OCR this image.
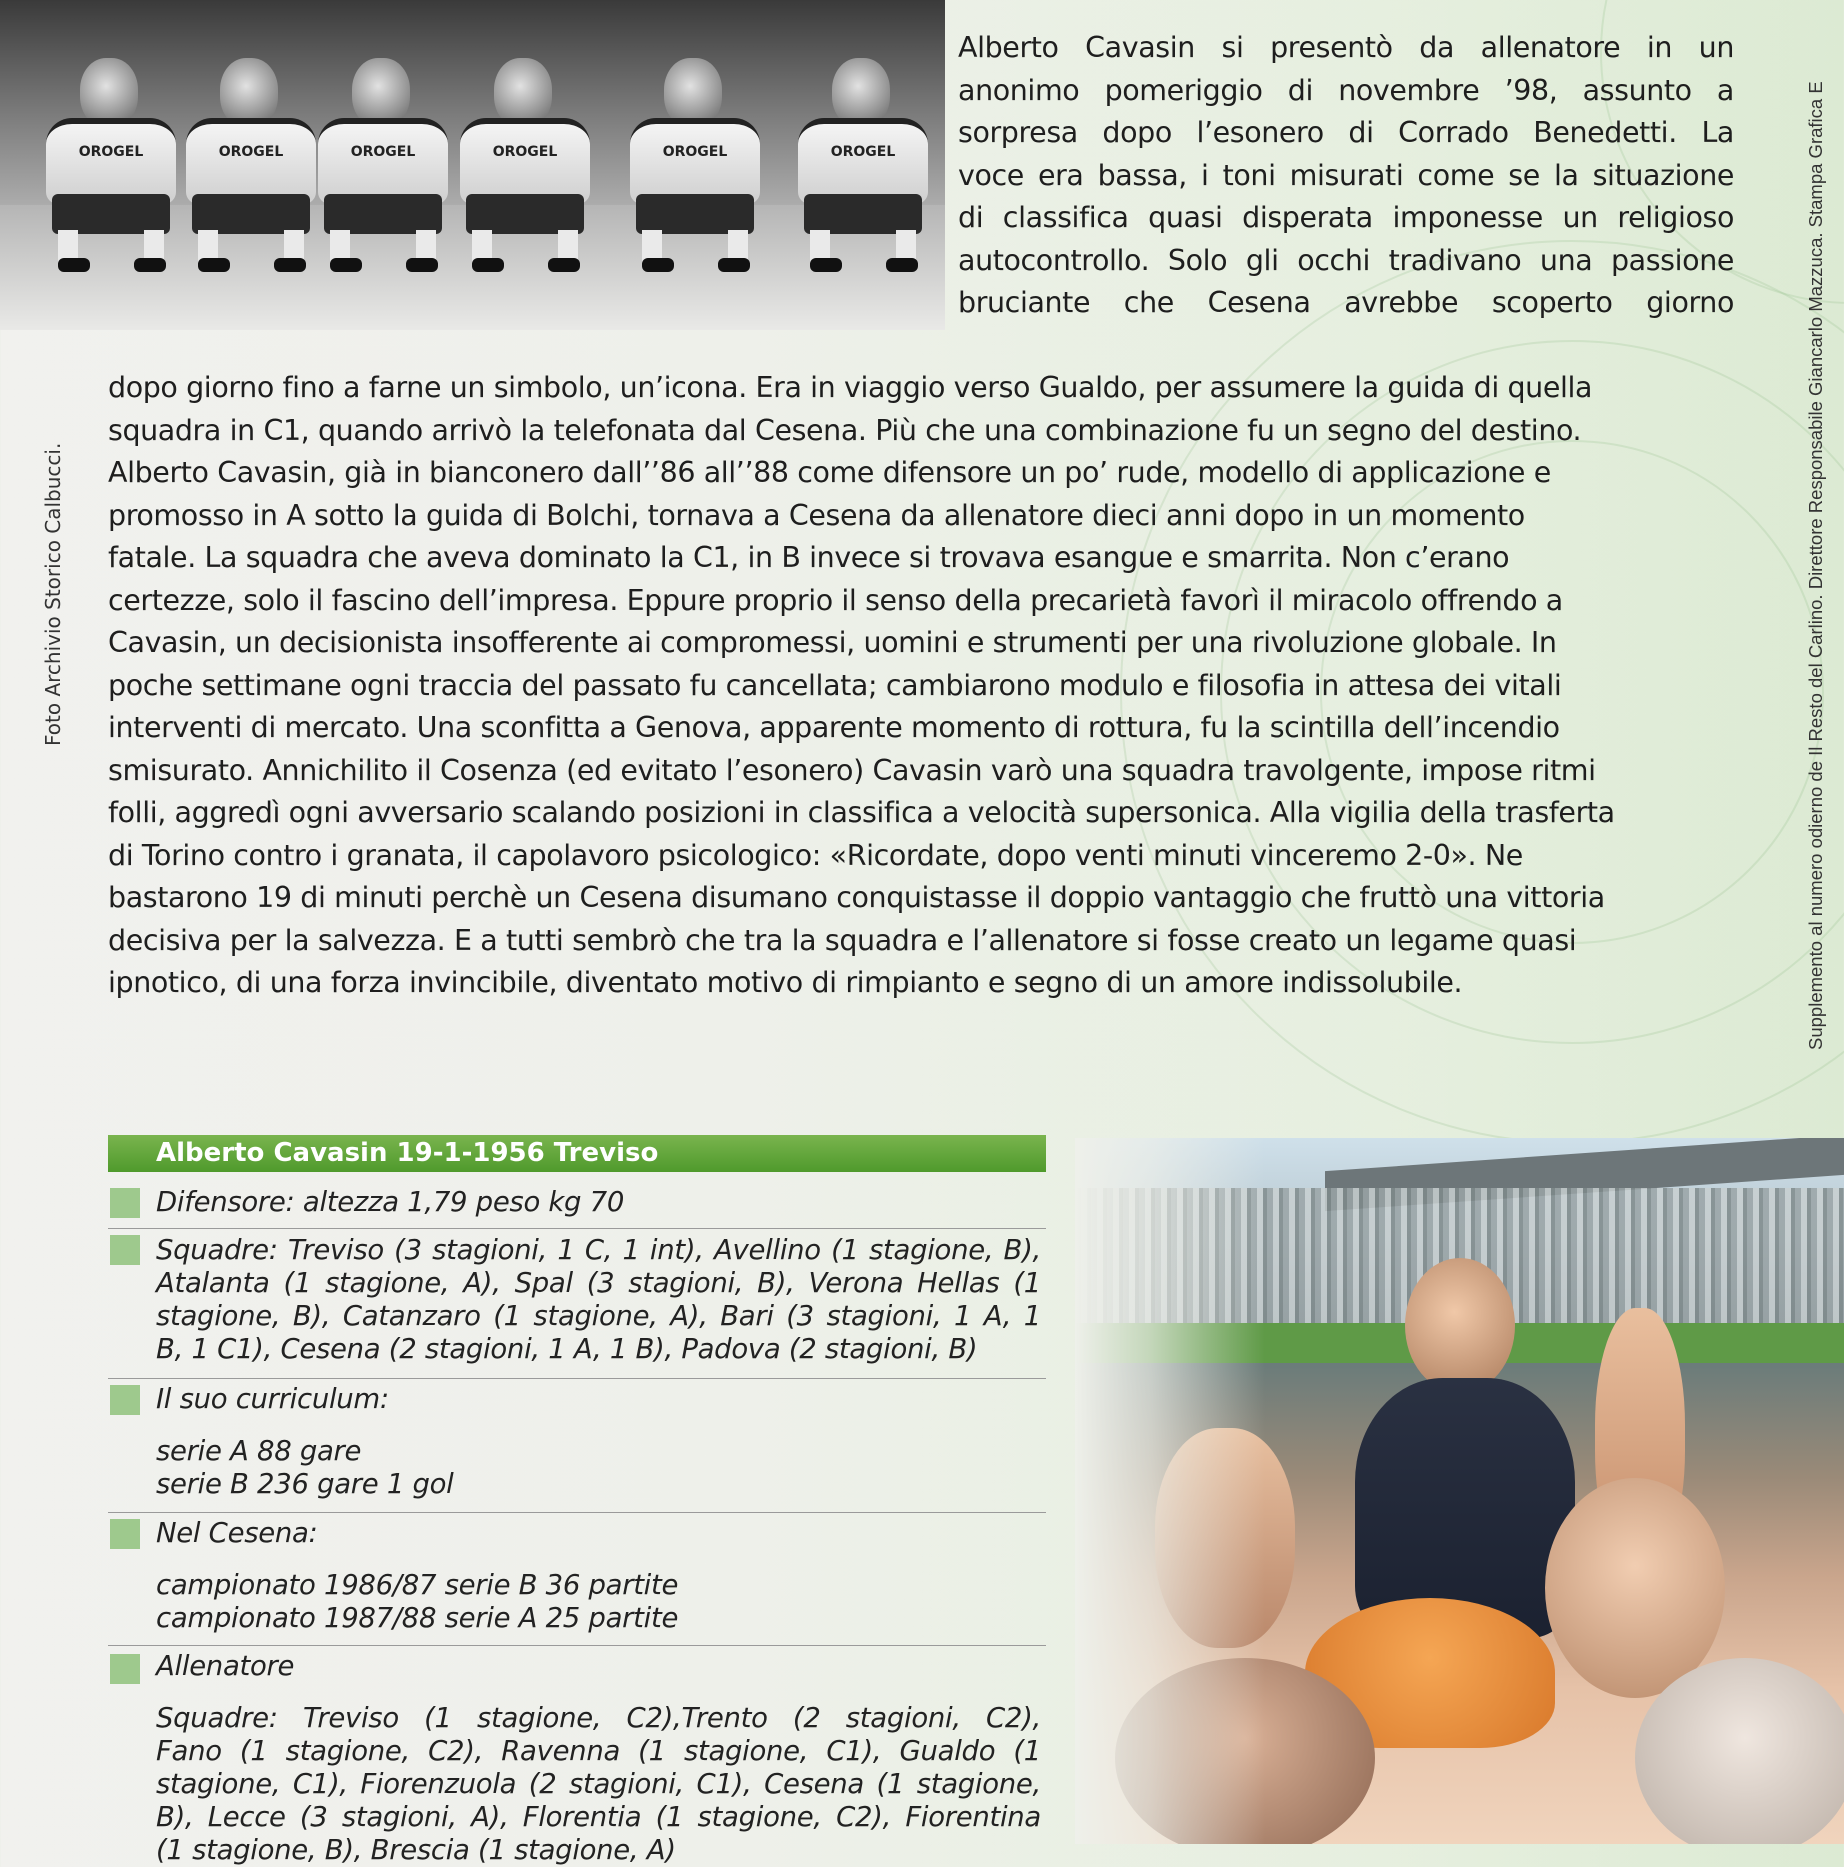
OROGEL	OROGEL	OROGEL	OROGEL	OROGEL	OROGEL

Alberto Cavasin si presentò da allenatore in un
anonimo pomeriggio di novembre ’98, assunto a
sorpresa dopo l’esonero di Corrado Benedetti. La
voce era bassa, i toni misurati come se la situazione
di classifica quasi disperata imponesse un religioso
autocontrollo. Solo gli occhi tradivano una passione
bruciante che Cesena avrebbe scoperto giorno

dopo giorno fino a farne un simbolo, un’icona. Era in viaggio verso Gualdo, per assumere la guida di quella
squadra in C1, quando arrivò la telefonata dal Cesena. Più che una combinazione fu un segno del destino.
Alberto Cavasin, già in bianconero dall’’86 all’’88 come difensore un po’ rude, modello di applicazione e
promosso in A sotto la guida di Bolchi, tornava a Cesena da allenatore dieci anni dopo in un momento
fatale. La squadra che aveva dominato la C1, in B invece si trovava esangue e smarrita. Non c’erano
certezze, solo il fascino dell’impresa. Eppure proprio il senso della precarietà favorì il miracolo offrendo a
Cavasin, un decisionista insofferente ai compromessi, uomini e strumenti per una rivoluzione globale. In
poche settimane ogni traccia del passato fu cancellata; cambiarono modulo e filosofia in attesa dei vitali
interventi di mercato. Una sconfitta a Genova, apparente momento di rottura, fu la scintilla dell’incendio
smisurato. Annichilito il Cosenza (ed evitato l’esonero) Cavasin varò una squadra travolgente, impose ritmi
folli, aggredì ogni avversario scalando posizioni in classifica a velocità supersonica. Alla vigilia della trasferta
di Torino contro i granata, il capolavoro psicologico: «Ricordate, dopo venti minuti vinceremo 2-0». Ne
bastarono 19 di minuti perchè un Cesena disumano conquistasse il doppio vantaggio che fruttò una vittoria
decisiva per la salvezza. E a tutti sembrò che tra la squadra e l’allenatore si fosse creato un legame quasi
ipnotico, di una forza invincibile, diventato motivo di rimpianto e segno di un amore indissolubile.

Foto Archivio Storico Calbucci.	Supplemento al numero odierno de Il Resto del Carlino. Direttore Responsabile Giancarlo Mazzuca. Stampa Grafica E
Alberto Cavasin 19-1-1956 Treviso

Difensore: altezza 1,79 peso kg 70

Squadre: Treviso (3 stagioni, 1 C, 1 int), Avellino (1 stagione, B),
Atalanta (1 stagione, A), Spal (3 stagioni, B), Verona Hellas (1
stagione, B), Catanzaro (1 stagione, A), Bari (3 stagioni, 1 A, 1
B, 1 C1), Cesena (2 stagioni, 1 A, 1 B), Padova (2 stagioni, B)

Il suo curriculum:

serie A 88 gare
serie B 236 gare 1 gol

Nel Cesena:

campionato 1986/87 serie B 36 partite
campionato 1987/88 serie A 25 partite

Allenatore

Squadre: Treviso (1 stagione, C2),Trento (2 stagioni, C2),
Fano (1 stagione, C2), Ravenna (1 stagione, C1), Gualdo (1
stagione, C1), Fiorenzuola (2 stagioni, C1), Cesena (1 stagione,
B), Lecce (3 stagioni, A), Florentia (1 stagione, C2), Fiorentina
(1 stagione, B), Brescia (1 stagione, A)
